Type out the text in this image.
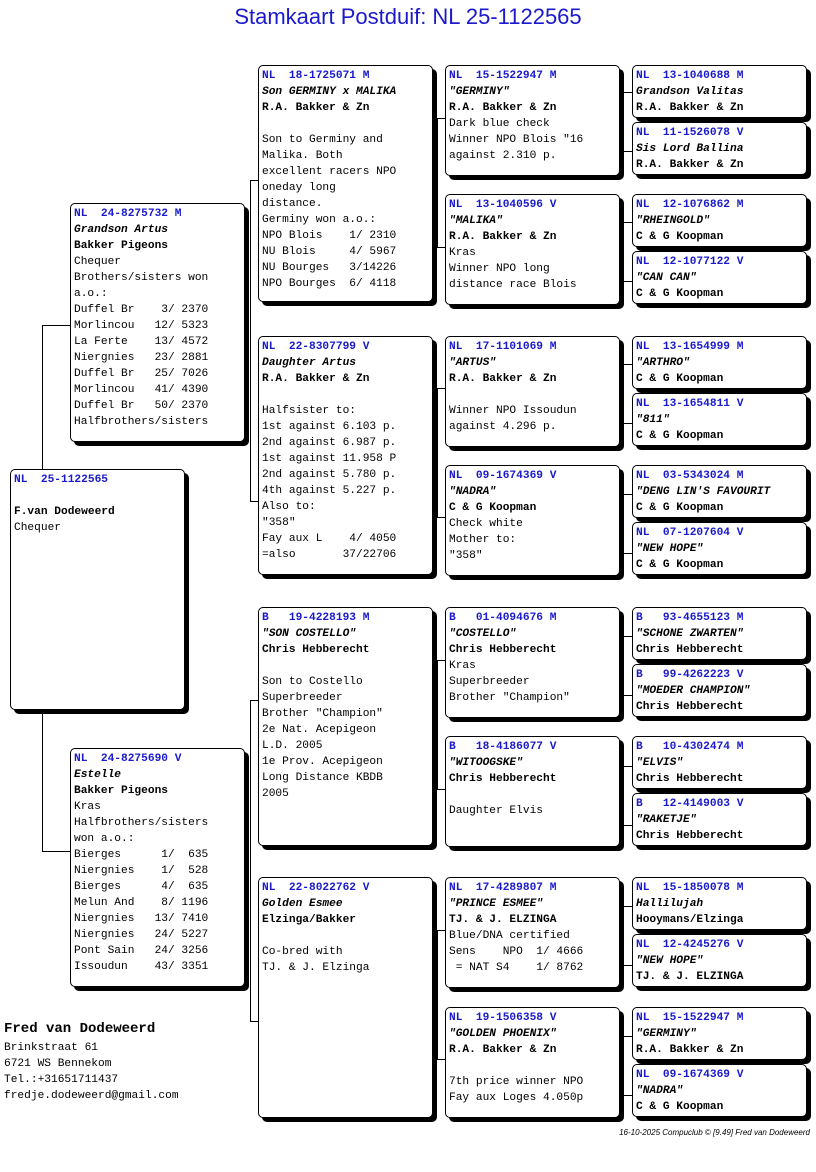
Stamkaart Postduif: NL 25-1122565
NL  25-1122565
F.van Dodeweerd
Chequer
NL  24-8275732 M
Grandson Artus
Bakker Pigeons
Chequer
Brothers/sisters won
a.o.:
Duffel Br    3/ 2370
Morlincou   12/ 5323
La Ferte    13/ 4572
Niergnies   23/ 2881
Duffel Br   25/ 7026
Morlincou   41/ 4390
Duffel Br   50/ 2370
Halfbrothers/sisters
NL  24-8275690 V
Estelle
Bakker Pigeons
Kras
Halfbrothers/sisters
won a.o.:
Bierges      1/  635
Niergnies    1/  528
Bierges      4/  635
Melun And    8/ 1196
Niergnies   13/ 7410
Niergnies   24/ 5227
Pont Sain   24/ 3256
Issoudun    43/ 3351
NL  18-1725071 M
Son GERMINY x MALIKA
R.A. Bakker & Zn
Son to Germiny and
Malika. Both
excellent racers NPO
oneday long
distance.
Germiny won a.o.:
NPO Blois    1/ 2310
NU Blois     4/ 5967
NU Bourges   3/14226
NPO Bourges  6/ 4118
NL  22-8307799 V
Daughter Artus
R.A. Bakker & Zn
Halfsister to:
1st against 6.103 p.
2nd against 6.987 p.
1st against 11.958 P
2nd against 5.780 p.
4th against 5.227 p.
Also to:
"358"
Fay aux L    4/ 4050
=also       37/22706
B   19-4228193 M
"SON COSTELLO"
Chris Hebberecht
Son to Costello
Superbreeder
Brother "Champion"
2e Nat. Acepigeon
L.D. 2005
1e Prov. Acepigeon
Long Distance KBDB
2005
NL  22-8022762 V
Golden Esmee
Elzinga/Bakker
Co-bred with
TJ. & J. Elzinga
NL  15-1522947 M
"GERMINY"
R.A. Bakker & Zn
Dark blue check
Winner NPO Blois "16
against 2.310 p.
NL  13-1040596 V
"MALIKA"
R.A. Bakker & Zn
Kras
Winner NPO long
distance race Blois
NL  17-1101069 M
"ARTUS"
R.A. Bakker & Zn
Winner NPO Issoudun
against 4.296 p.
NL  09-1674369 V
"NADRA"
C & G Koopman
Check white
Mother to:
"358"
B   01-4094676 M
"COSTELLO"
Chris Hebberecht
Kras
Superbreeder
Brother "Champion"
B   18-4186077 V
"WITOOGSKE"
Chris Hebberecht
Daughter Elvis
NL  17-4289807 M
"PRINCE ESMEE"
TJ. & J. ELZINGA
Blue/DNA certified
Sens    NPO  1/ 4666
= NAT S4    1/ 8762
NL  19-1506358 V
"GOLDEN PHOENIX"
R.A. Bakker & Zn
7th price winner NPO
Fay aux Loges 4.050p
NL  13-1040688 M
Grandson Valitas
R.A. Bakker & Zn
NL  11-1526078 V
Sis Lord Ballina
R.A. Bakker & Zn
NL  12-1076862 M
"RHEINGOLD"
C & G Koopman
NL  12-1077122 V
"CAN CAN"
C & G Koopman
NL  13-1654999 M
"ARTHRO"
C & G Koopman
NL  13-1654811 V
"811"
C & G Koopman
NL  03-5343024 M
"DENG LIN'S FAVOURIT
C & G Koopman
NL  07-1207604 V
"NEW HOPE"
C & G Koopman
B   93-4655123 M
"SCHONE ZWARTEN"
Chris Hebberecht
B   99-4262223 V
"MOEDER CHAMPION"
Chris Hebberecht
B   10-4302474 M
"ELVIS"
Chris Hebberecht
B   12-4149003 V
"RAKETJE"
Chris Hebberecht
NL  15-1850078 M
Hallilujah
Hooymans/Elzinga
NL  12-4245276 V
"NEW HOPE"
TJ. & J. ELZINGA
NL  15-1522947 M
"GERMINY"
R.A. Bakker & Zn
NL  09-1674369 V
"NADRA"
C & G Koopman
Fred van Dodeweerd
Brinkstraat 61
6721 WS Bennekom
Tel.:+31651711437
fredje.dodeweerd@gmail.com
16-10-2025 Compuclub © [9.49] Fred van Dodeweerd
